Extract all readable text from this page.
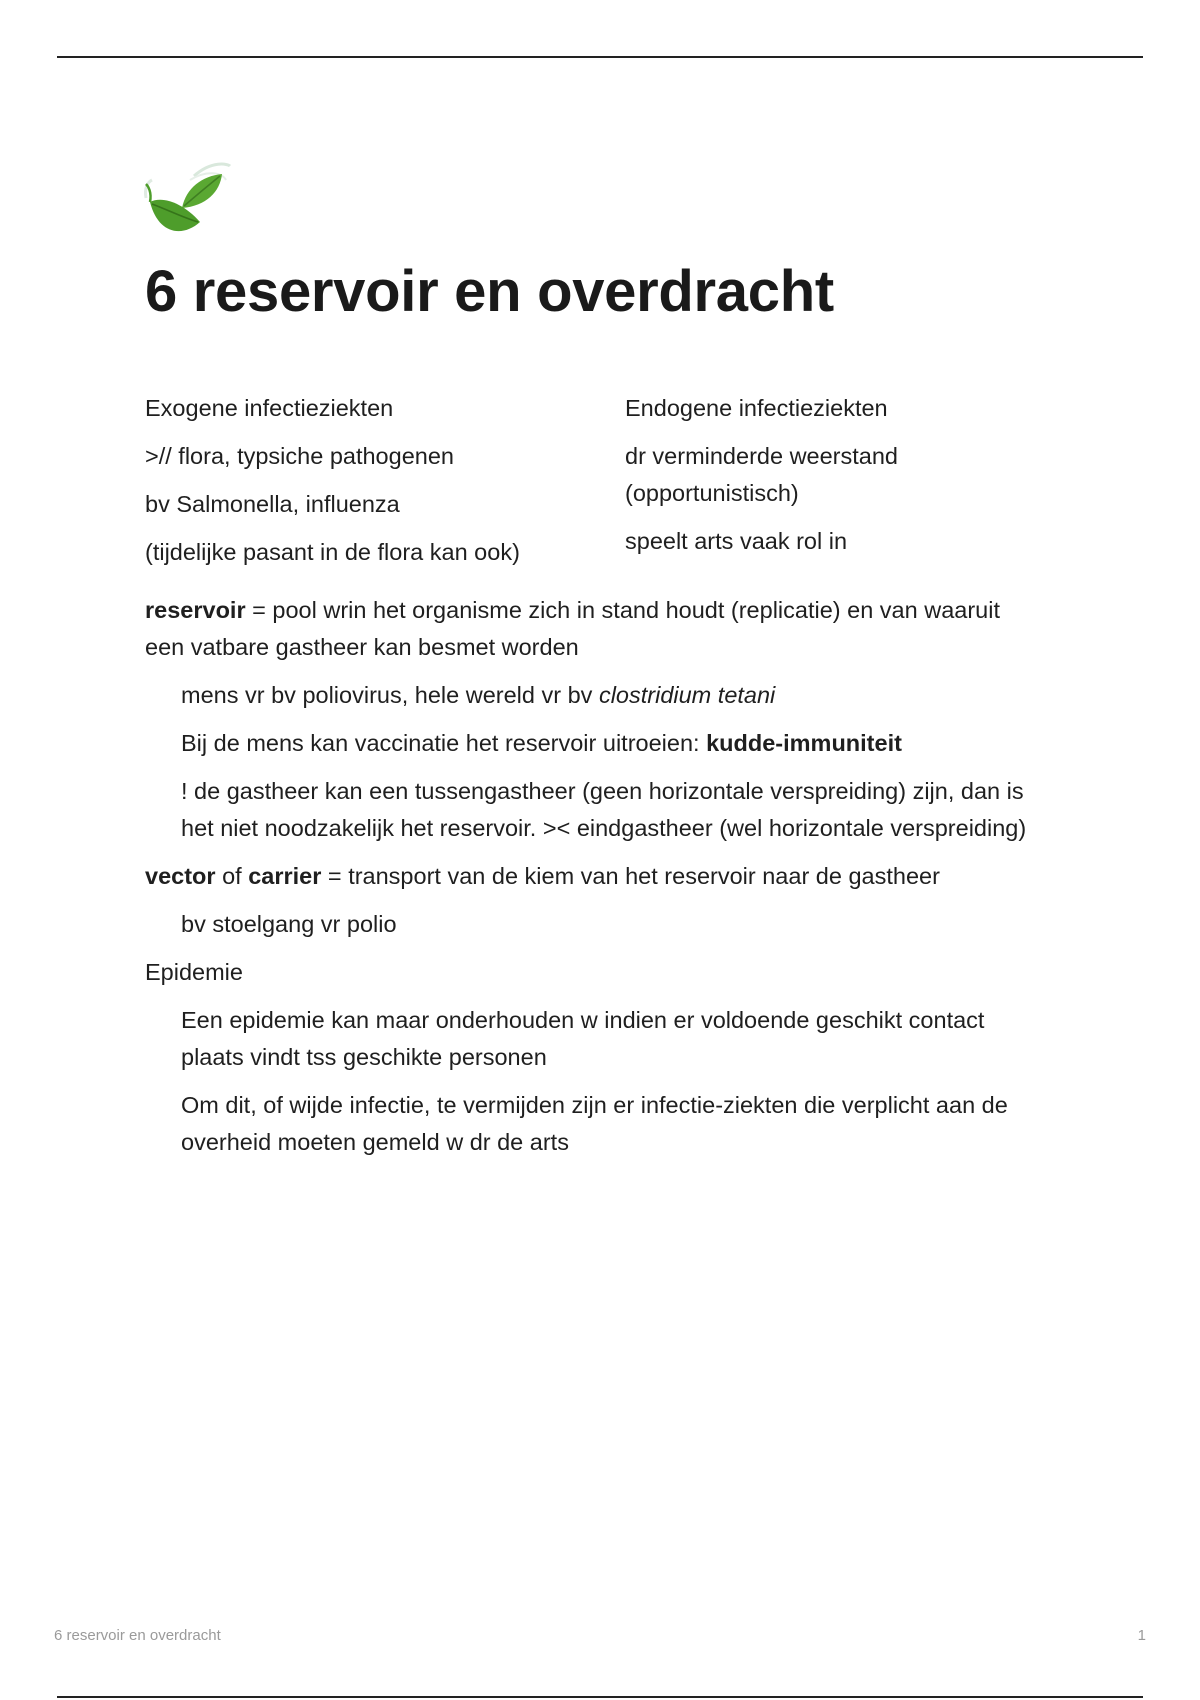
6 reservoir en overdracht

Exogene infectieziekten

>// flora, typsiche pathogenen

bv Salmonella, influenza

(tijdelijke pasant in de flora kan ook)

Endogene infectieziekten

dr verminderde weerstand (opportunistisch)

speelt arts vaak rol in

reservoir = pool wrin het organisme zich in stand houdt (replicatie) en van waaruit een vatbare gastheer kan besmet worden

mens vr bv poliovirus, hele wereld vr bv clostridium tetani

Bij de mens kan vaccinatie het reservoir uitroeien: kudde-immuniteit

! de gastheer kan een tussengastheer (geen horizontale verspreiding) zijn, dan is het niet noodzakelijk het reservoir. >< eindgastheer (wel horizontale verspreiding)

vector of carrier = transport van de kiem van het reservoir naar de gastheer

bv stoelgang vr polio

Epidemie

Een epidemie kan maar onderhouden w indien er voldoende geschikt contact plaats vindt tss geschikte personen

Om dit, of wijde infectie, te vermijden zijn er infectie-ziekten die verplicht aan de overheid moeten gemeld w dr de arts

6 reservoir en overdracht	1
